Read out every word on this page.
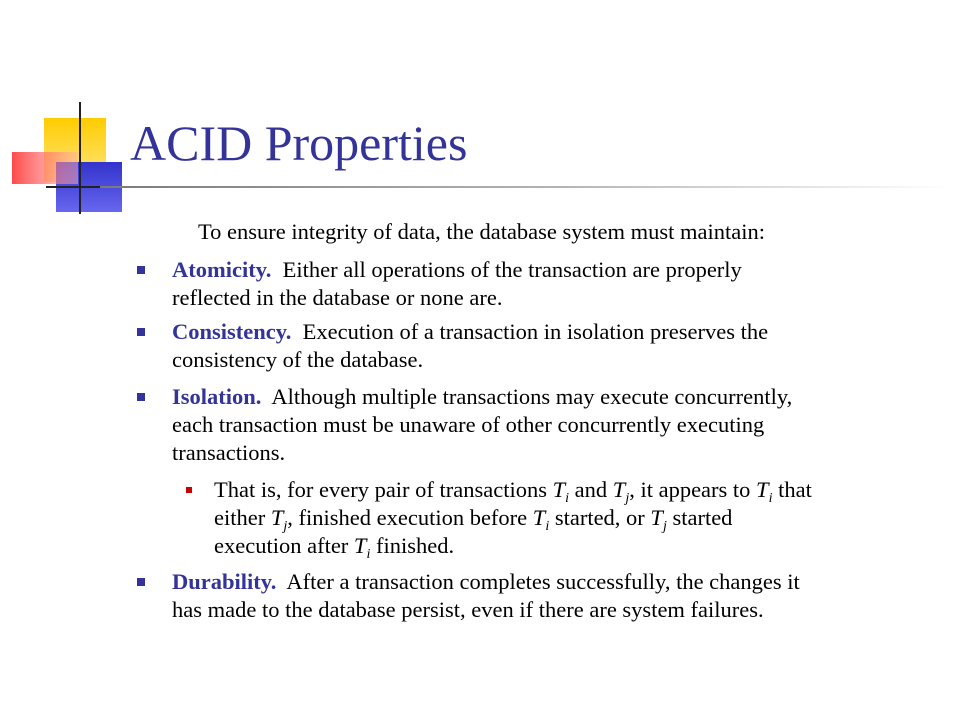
ACID Properties
To ensure integrity of data, the database system must maintain:
Atomicity.  Either all operations of the transaction are properly
reflected in the database or none are.
Consistency.  Execution of a transaction in isolation preserves the
consistency of the database.
Isolation.  Although multiple transactions may execute concurrently,
each transaction must be unaware of other concurrently executing
transactions.
That is, for every pair of transactions $T_i$ and $T_j$, it appears to $T_i$ that
either $T_j$, finished execution before $T_i$ started, or $T_j$ started
execution after $T_i$ finished.
Durability.  After a transaction completes successfully, the changes it
has made to the database persist, even if there are system failures.
